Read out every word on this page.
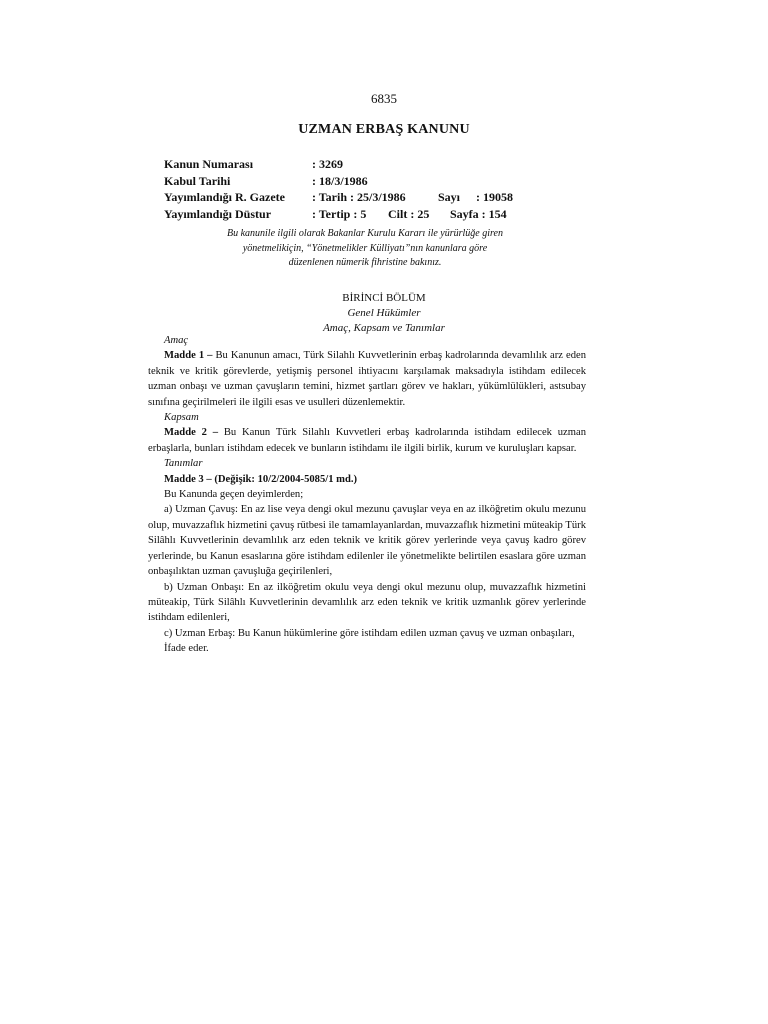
6835
UZMAN ERBAŞ KANUNU
Kanun Numarası	: 3269
Kabul Tarihi	: 18/3/1986
Yayımlandığı R. Gazete : Tarih : 25/3/1986	Sayı : 19058
Yayımlandığı Düstur	: Tertip : 5 Cilt : 25 Sayfa : 154
Bu kanunile ilgili olarak Bakanlar Kurulu Kararı ile yürürlüğe giren
yönetmelikiçin, “Yönetmelikler Külliyatı”nın kanunlara göre
düzenlenen nümerik fihristine bakınız.
BİRİNCİ BÖLÜM
Genel Hükümler
Amaç, Kapsam ve Tanımlar
Amaç

Madde 1 – Bu Kanunun amacı, Türk Silahlı Kuvvetlerinin erbaş kadrolarında devamlılık arz eden teknik ve kritik görevlerde, yetişmiş personel ihtiyacını karşılamak maksadıyla istihdam edilecek uzman onbaşı ve uzman çavuşların temini, hizmet şartları görev ve hakları, yükümlülükleri, astsubay sınıfına geçirilmeleri ile ilgili esas ve usulleri düzenlemektir.

Kapsam

Madde 2 – Bu Kanun Türk Silahlı Kuvvetleri erbaş kadrolarında istihdam edilecek uzman erbaşlarla, bunları istihdam edecek ve bunların istihdamı ile ilgili birlik, kurum ve kuruluşları kapsar.

Tanımlar
Madde 3 – (Değişik: 10/2/2004-5085/1 md.)
Bu Kanunda geçen deyimlerden;

a) Uzman Çavuş: En az lise veya dengi okul mezunu çavuşlar veya en az ilköğretim okulu mezunu olup, muvazzaflık hizmetini çavuş rütbesi ile tamamlayanlardan, muvazzaflık hizmetini müteakip Türk Silâhlı Kuvvetlerinin devamlılık arz eden teknik ve kritik görev yerlerinde veya çavuş kadro görev yerlerinde, bu Kanun esaslarına göre istihdam edilenler ile yönetmelikte belirtilen esaslara göre uzman onbaşılıktan uzman çavuşluğa geçirilenleri,

b) Uzman Onbaşı: En az ilköğretim okulu veya dengi okul mezunu olup, muvazzaflık hizmetini müteakip, Türk Silâhlı Kuvvetlerinin devamlılık arz eden teknik ve kritik uzmanlık görev yerlerinde istihdam edilenleri,

c) Uzman Erbaş: Bu Kanun hükümlerine göre istihdam edilen uzman çavuş ve uzman onbaşıları,

İfade eder.
